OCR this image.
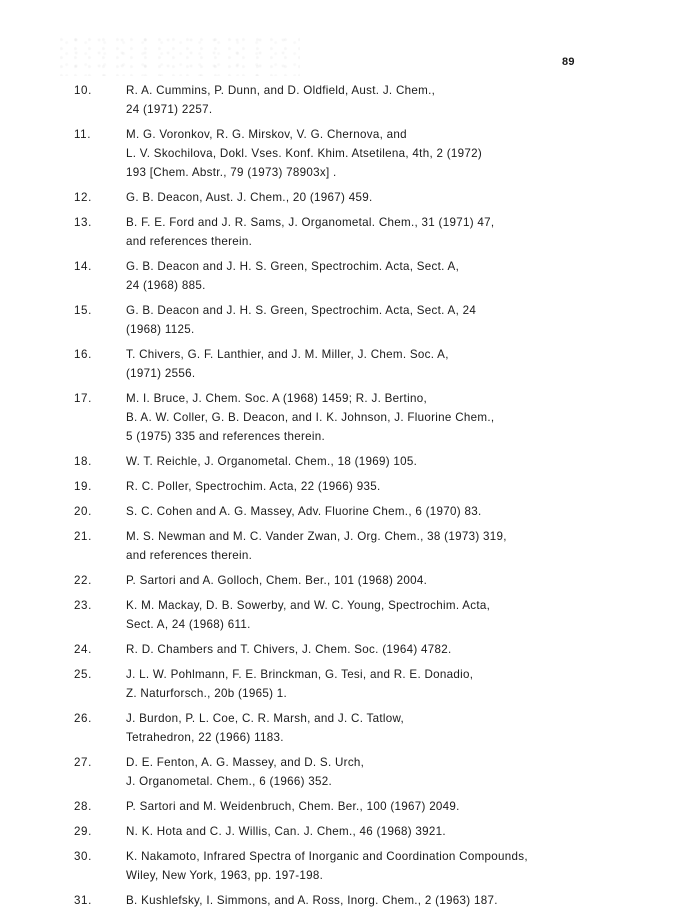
89
10.	R. A. Cummins, P. Dunn, and D. Oldfield, Aust. J. Chem.,
24 (1971) 2257.
11.	M. G. Voronkov, R. G. Mirskov, V. G. Chernova, and
L. V. Skochilova, Dokl. Vses. Konf. Khim. Atsetilena, 4th, 2 (1972)
193 [Chem. Abstr., 79 (1973) 78903x] .
12.	G. B. Deacon, Aust. J. Chem., 20 (1967) 459.
13.	B. F. E. Ford and J. R. Sams, J. Organometal. Chem., 31 (1971) 47,
and references therein.
14.	G. B. Deacon and J. H. S. Green, Spectrochim. Acta, Sect. A,
24 (1968) 885.
15.	G. B. Deacon and J. H. S. Green, Spectrochim. Acta, Sect. A, 24
(1968) 1125.
16.	T. Chivers, G. F. Lanthier, and J. M. Miller, J. Chem. Soc. A,
(1971) 2556.
17.	M. I. Bruce, J. Chem. Soc. A (1968) 1459; R. J. Bertino,
B. A. W. Coller, G. B. Deacon, and I. K. Johnson, J. Fluorine Chem.,
5 (1975) 335 and references therein.
18.	W. T. Reichle, J. Organometal. Chem., 18 (1969) 105.
19.	R. C. Poller, Spectrochim. Acta, 22 (1966) 935.
20.	S. C. Cohen and A. G. Massey, Adv. Fluorine Chem., 6 (1970) 83.
21.	M. S. Newman and M. C. Vander Zwan, J. Org. Chem., 38 (1973) 319,
and references therein.
22.	P. Sartori and A. Golloch, Chem. Ber., 101 (1968) 2004.
23.	K. M. Mackay, D. B. Sowerby, and W. C. Young, Spectrochim. Acta,
Sect. A, 24 (1968) 611.
24.	R. D. Chambers and T. Chivers, J. Chem. Soc. (1964) 4782.
25.	J. L. W. Pohlmann, F. E. Brinckman, G. Tesi, and R. E. Donadio,
Z. Naturforsch., 20b (1965) 1.
26.	J. Burdon, P. L. Coe, C. R. Marsh, and J. C. Tatlow,
Tetrahedron, 22 (1966) 1183.
27.	D. E. Fenton, A. G. Massey, and D. S. Urch,
J. Organometal. Chem., 6 (1966) 352.
28.	P. Sartori and M. Weidenbruch, Chem. Ber., 100 (1967) 2049.
29.	N. K. Hota and C. J. Willis, Can. J. Chem., 46 (1968) 3921.
30.	K. Nakamoto, Infrared Spectra of Inorganic and Coordination Compounds,
Wiley, New York, 1963, pp. 197-198.
31.	B. Kushlefsky, I. Simmons, and A. Ross, Inorg. Chem., 2 (1963) 187.
